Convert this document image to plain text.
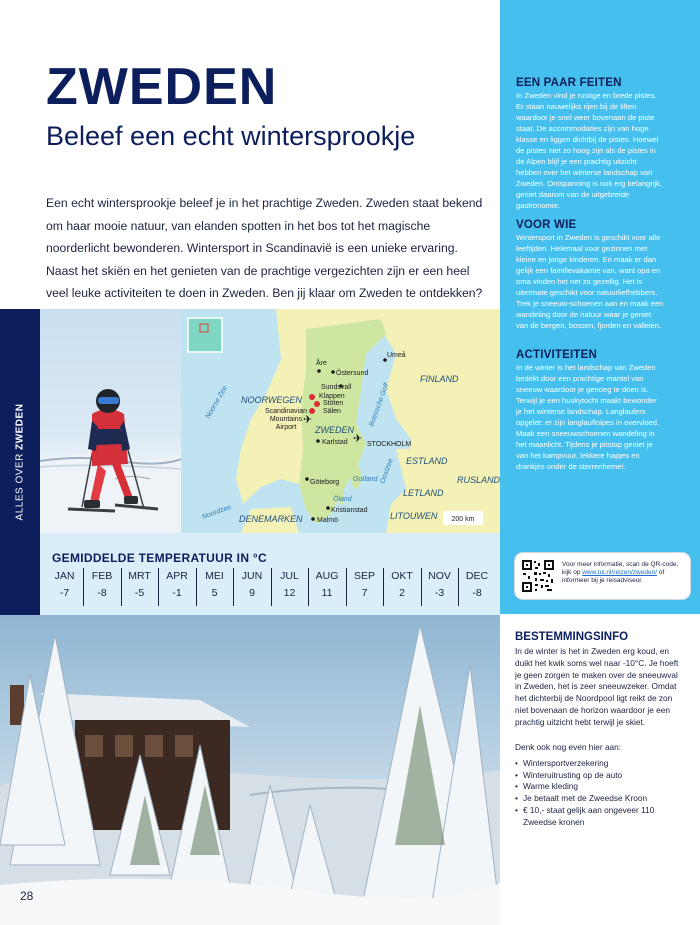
ZWEDEN
Beleef een echt wintersprookje
Een echt wintersprookje beleef je in het prachtige Zweden. Zweden staat bekend om haar mooie natuur, van elanden spotten in het bos tot het magische noorderlicht bewonderen. Wintersport in Scandinavië is een unieke ervaring. Naast het skiën en het genieten van de prachtige vergezichten zijn er een heel veel leuke activiteiten te doen in Zweden. Ben jij klaar om Zweden te ontdekken?
ALLES OVER ZWEDEN	✈
✈
Åre
Östersund
Umeå
Sundsvall
Klappen
Stöten
Sälen
Karlstad	STOCKHOLM
Göteborg
Kristianstad
Malmö
Scandinavian
Mountains
Airport
FINLAND
NOORWEGEN
ZWEDEN
ESTLAND
LETLAND
RUSLAND
LITOUWEN
DENEMARKEN
Noorse Zee	Botnische Golf
Oostzee
Noordzee
Gotland
Öland
200 km
GEMIDDELDE TEMPERATUUR IN °C
JAN
-7
FEB
-8
MRT
-5
APR
-1
MEI
5
JUN
9
JUL
12
AUG
11
SEP
7
OKT
2
NOV
-3
DEC
-8
EEN PAAR FEITEN
In Zweden vind je rustige en brede pistes. Er staan nauwelijks rijen bij de liften waardoor je snel weer bovenaan de piste staat. De accommodaties zijn van hoge klasse en liggen dichtbij de pistes. Hoewel de pistes niet zo hoog zijn als de pistes in de Alpen blijf je een prachtig uitzicht hebben over het winterse landschap van Zweden. Ontspanning is ook erg belangrijk, geniet daarom van de uitgebreide gastronomie.
VOOR WIE
Wintersport in Zweden is geschikt voor alle leeftijden. Helemaal voor gezinnen met kleine en jonge kinderen. En maak er dan gelijk een familievakantie van, want opa en oma vinden het net zo gezellig. Het is uitermate geschikt voor natuurliefhebbers. Trek je sneeuw-schoenen aan en maak een wandeling door de natuur waar je geniet van de bergen, bossen, fjorden en valleien.
ACTIVITEITEN
In de winter is het landschap van Zweden bedekt door een prachtige mantel van sneeuw waardoor je genoeg te doen is. Terwijl je een huskytocht maakt bewonder je het winterse landschap. Langlaufers opgelet: er zijn langlaufloipes in overvloed. Maak een sneeuwschoenen wandeling in het maanlicht. Tijdens je pitstop geniet je van het kampvuur, lekkere hapjes en drankjes onder de sterrenhemel.
Voor meer informatie, scan de QR-code, kijk op www.tui.nl/reizen/zweden/ of informeer bij je reisadviseur.
28
BESTEMMINGSINFO
In de winter is het in Zweden erg koud, en duikt het kwik soms wel naar -10°C. Je hoeft je geen zorgen te maken over de sneeuwval in Zweden, het is zeer sneeuwzeker. Omdat het dichterbij de Noordpool ligt reikt de zon niet bovenaan de horizon waardoor je een prachtig uitzicht hebt terwijl je skiet.
Denk ook nog even hier aan:
• Wintersportverzekering
• Winteruitrusting op de auto
• Warme kleding
• Je betaalt met de Zweedse Kroon
• € 10,- staat gelijk aan ongeveer 110 Zweedse kronen
